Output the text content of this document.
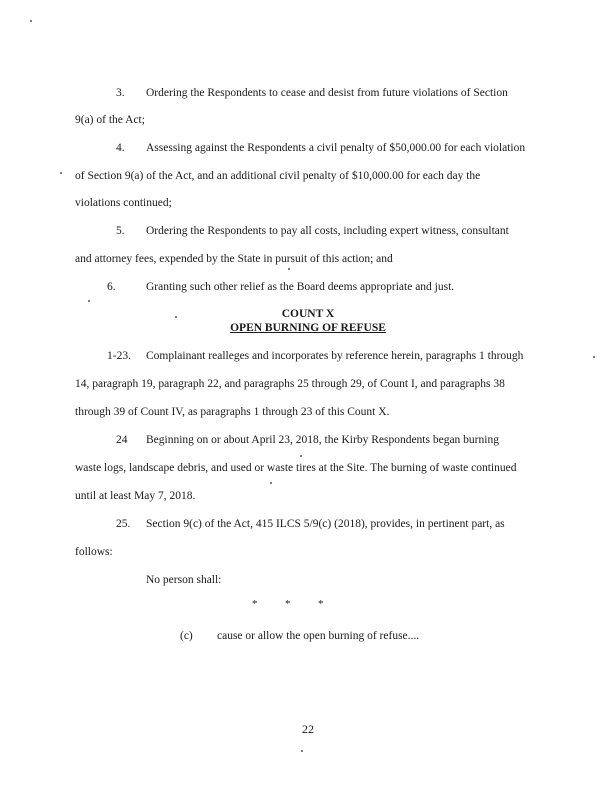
3. Ordering the Respondents to cease and desist from future violations of Section
9(a) of the Act;
4. Assessing against the Respondents a civil penalty of $50,000.00 for each violation
of Section 9(a) of the Act, and an additional civil penalty of $10,000.00 for each day the
violations continued;
5. Ordering the Respondents to pay all costs, including expert witness, consultant
and attorney fees, expended by the State in pursuit of this action; and
6.	Granting such other relief as the Board deems appropriate and just.
COUNT X
OPEN BURNING OF REFUSE
1-23. Complainant realleges and incorporates by reference herein, paragraphs 1 through
14, paragraph 19, paragraph 22, and paragraphs 25 through 29, of Count I, and paragraphs 38
through 39 of Count IV, as paragraphs 1 through 23 of this Count X.
24 Beginning on or about April 23, 2018, the Kirby Respondents began burning
waste logs, landscape debris, and used or waste tires at the Site. The burning of waste continued
until at least May 7, 2018.
25. Section 9(c) of the Act, 415 ILCS 5/9(c) (2018), provides, in pertinent part, as
follows:
No person shall:
*          *          *
(c) cause or allow the open burning of refuse....
22
